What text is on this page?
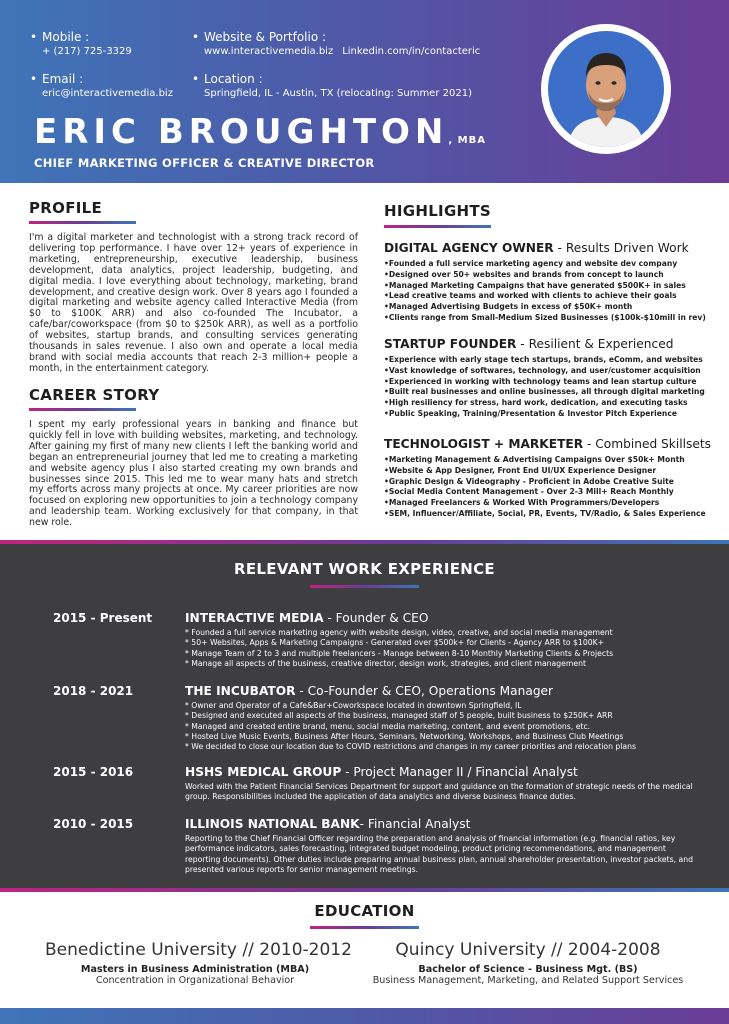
• Mobile :
+ (217) 725-3329
• Website & Portfolio :
www.interactivemedia.biz Linkedin.com/in/contacteric
• Email :
eric@interactivemedia.biz
• Location :
Springfield, IL - Austin, TX (relocating: Summer 2021)
ERIC BROUGHTON, MBA
CHIEF MARKETING OFFICER & CREATIVE DIRECTOR
PROFILE
I'm a digital marketer and technologist with a strong track record of delivering top performance. I have over 12+ years of experience in marketing, entrepreneurship, executive leadership, business development, data analytics, project leadership, budgeting, and digital media. I love everything about technology, marketing, brand development, and creative design work. Over 8 years ago I founded a digital marketing and website agency called Interactive Media (from $0 to $100K ARR) and also co-founded The Incubator, a cafe/bar/coworkspace (from $0 to $250k ARR), as well as a portfolio of websites, startup brands, and consulting services generating thousands in sales revenue. I also own and operate a local media brand with social media accounts that reach 2-3 million+ people a month, in the entertainment category.
CAREER STORY
I spent my early professional years in banking and finance but quickly fell in love with building websites, marketing, and technology. After gaining my first of many new clients I left the banking world and began an entrepreneurial journey that led me to creating a marketing and website agency plus I also started creating my own brands and businesses since 2015. This led me to wear many hats and stretch my efforts across many projects at once. My career priorities are now focused on exploring new opportunities to join a technology company and leadership team. Working exclusively for that company, in that new role.
HIGHLIGHTS
DIGITAL AGENCY OWNER - Results Driven Work
• Founded a full service marketing agency and website dev company
• Designed over 50+ websites and brands from concept to launch
• Managed Marketing Campaigns that have generated $500K+ in sales
• Lead creative teams and worked with clients to achieve their goals
• Managed Advertising Budgets in excess of $50K+ month
• Clients range from Small-Medium Sized Businesses ($100k-$10mill in rev)
STARTUP FOUNDER - Resilient & Experienced
• Experience with early stage tech startups, brands, eComm, and websites
• Vast knowledge of softwares, technology, and user/customer acquisition
• Experienced in working with technology teams and lean startup culture
• Built real businesses and online businesses, all through digital marketing
• High resiliency for stress, hard work, dedication, and executing tasks
• Public Speaking, Training/Presentation & Investor Pitch Experience
TECHNOLOGIST + MARKETER - Combined Skillsets
• Marketing Management & Advertising Campaigns Over $50k+ Month
• Website & App Designer, Front End UI/UX Experience Designer
• Graphic Design & Videography - Proficient in Adobe Creative Suite
• Social Media Content Management - Over 2-3 Mill+ Reach Monthly
• Managed Freelancers & Worked With Programmers/Developers
• SEM, Influencer/Affiliate, Social, PR, Events, TV/Radio, & Sales Experience
RELEVANT WORK EXPERIENCE
2015 - Present	INTERACTIVE MEDIA - Founder & CEO
* Founded a full service marketing agency with website design, video, creative, and social media management
* 50+ Websites, Apps & Marketing Campaigns - Generated over $500k+ for Clients - Agency ARR to $100K+
* Manage Team of 2 to 3 and multiple freelancers - Manage between 8-10 Monthly Marketing Clients & Projects
* Manage all aspects of the business, creative director, design work, strategies, and client management
2018 - 2021	THE INCUBATOR - Co-Founder & CEO, Operations Manager
* Owner and Operator of a Cafe&Bar+Coworkspace located in downtown Springfield, IL
* Designed and executed all aspects of the business, managed staff of 5 people, built business to $250K+ ARR
* Managed and created entire brand, menu, social media marketing, content, and event promotions, etc.
* Hosted Live Music Events, Business After Hours, Seminars, Networking, Workshops, and Business Club Meetings
* We decided to close our location due to COVID restrictions and changes in my career priorities and relocation plans
2015 - 2016	HSHS MEDICAL GROUP - Project Manager II / Financial Analyst
Worked with the Patient Financial Services Department for support and guidance on the formation of strategic needs of the medical group. Responsibilities included the application of data analytics and diverse business finance duties.
2010 - 2015	ILLINOIS NATIONAL BANK- Financial Analyst
Reporting to the Chief Financial Officer regarding the preparation and analysis of financial information (e.g. financial ratios, key performance indicators, sales forecasting, integrated budget modeling, product pricing recommendations, and management reporting documents). Other duties include preparing annual business plan, annual shareholder presentation, investor packets, and presented various reports for senior management meetings.
EDUCATION
Benedictine University // 2010-2012
Masters in Business Administration (MBA)
Concentration in Organizational Behavior
Quincy University // 2004-2008
Bachelor of Science - Business Mgt. (BS)
Business Management, Marketing, and Related Support Services
